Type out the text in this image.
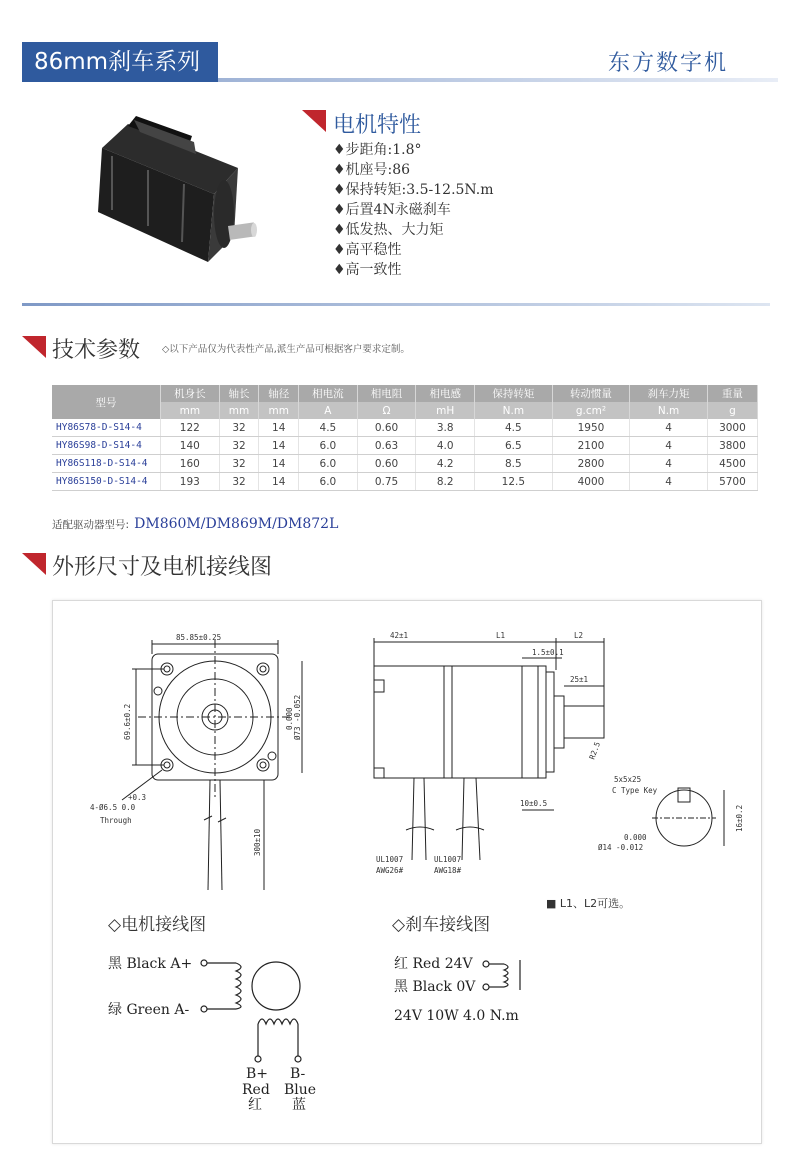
86mm刹车系列	东方数字机
电机特性
♦步距角:1.8°
♦机座号:86
♦保持转矩:3.5-12.5N.m
♦后置4N永磁刹车
♦低发热、大力矩
♦高平稳性
♦高一致性
技术参数 ◇以下产品仅为代表性产品,派生产品可根据客户要求定制。
型号	机身长	轴长	轴径	相电流	相电阻	相电感	保持转矩	转动惯量	刹车力矩	重量
	mm	mm	mm	A	Ω	mH	N.m	g.cm²	N.m	g
HY86S78-D-S14-4	122	32	14	4.5	0.60	3.8	4.5	1950	4	3000
HY86S98-D-S14-4	140	32	14	6.0	0.63	4.0	6.5	2100	4	3800
HY86S118-D-S14-4	160	32	14	6.0	0.60	4.2	8.5	2800	4	4500
HY86S150-D-S14-4	193	32	14	6.0	0.75	8.2	12.5	4000	4	5700
适配驱动器型号: DM860M/DM869M/DM872L
外形尺寸及电机接线图
85.85±0.25
69.6±0.2	0.000 Ø73 -0.052
+0.3
4-Ø6.5 0.0
Through
300±10
42±1	L1	L2
1.5±0.1
25±1
R2.5
10±0.5
UL1007
AWG26#
UL1007
AWG18#
5x5x25
C Type Key
16±0.2
0.000
Ø14 -0.012
■ L1、L2可选。
◇电机接线图
黑 Black A+
绿 Green A-
B+
Red
红
B-
Blue
蓝
◇刹车接线图
红 Red 24V
黑 Black 0V
24V 10W 4.0 N.m
